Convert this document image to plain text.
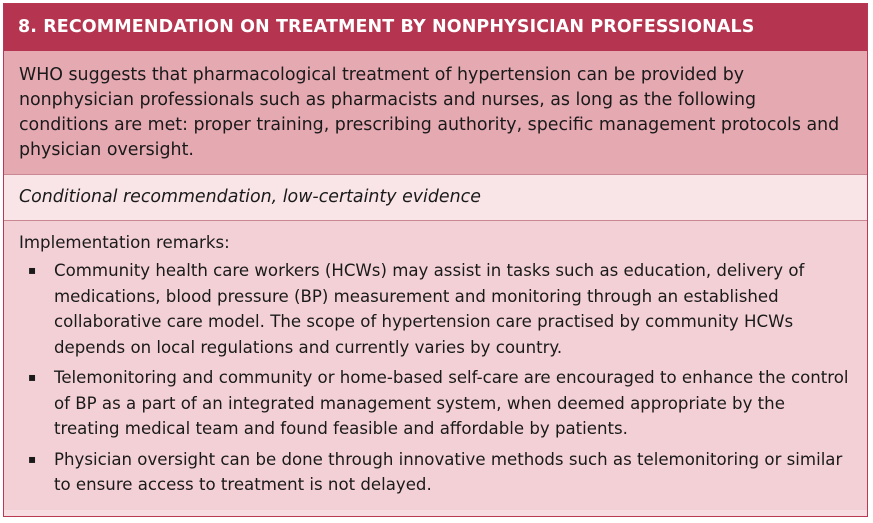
8. RECOMMENDATION ON TREATMENT BY NONPHYSICIAN PROFESSIONALS
WHO suggests that pharmacological treatment of hypertension can be provided by nonphysician professionals such as pharmacists and nurses, as long as the following conditions are met: proper training, prescribing authority, specific management protocols and physician oversight.
Conditional recommendation, low-certainty evidence
Implementation remarks:
▪ Community health care workers (HCWs) may assist in tasks such as education, delivery of medications, blood pressure (BP) measurement and monitoring through an established collaborative care model. The scope of hypertension care practised by community HCWs depends on local regulations and currently varies by country.
▪ Telemonitoring and community or home-based self-care are encouraged to enhance the control of BP as a part of an integrated management system, when deemed appropriate by the treating medical team and found feasible and affordable by patients.
▪ Physician oversight can be done through innovative methods such as telemonitoring or similar to ensure access to treatment is not delayed.
